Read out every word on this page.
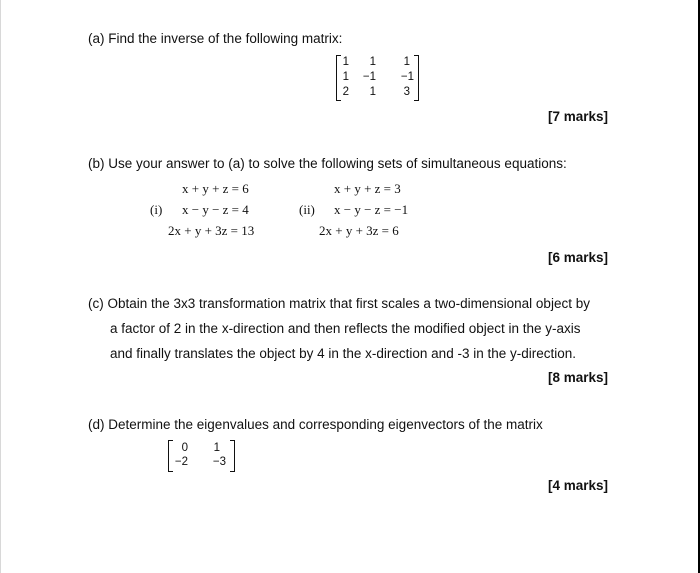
(a) Find the inverse of the following matrix:
1	1	1
1	−1	−1
2	1	3
[7 marks]
(b) Use your answer to (a) to solve the following sets of simultaneous equations:
(i)
x + y + z = 6
x − y − z = 4
2x + y + 3z = 13
(ii)
x + y + z = 3
x − y − z = −1
2x + y + 3z = 6
[6 marks]
(c) Obtain the 3x3 transformation matrix that first scales a two-dimensional object by
a factor of 2 in the x-direction and then reflects the modified object in the y-axis
and finally translates the object by 4 in the x-direction and -3 in the y-direction.
[8 marks]
(d) Determine the eigenvalues and corresponding eigenvectors of the matrix
0	1
−2	−3
[4 marks]
